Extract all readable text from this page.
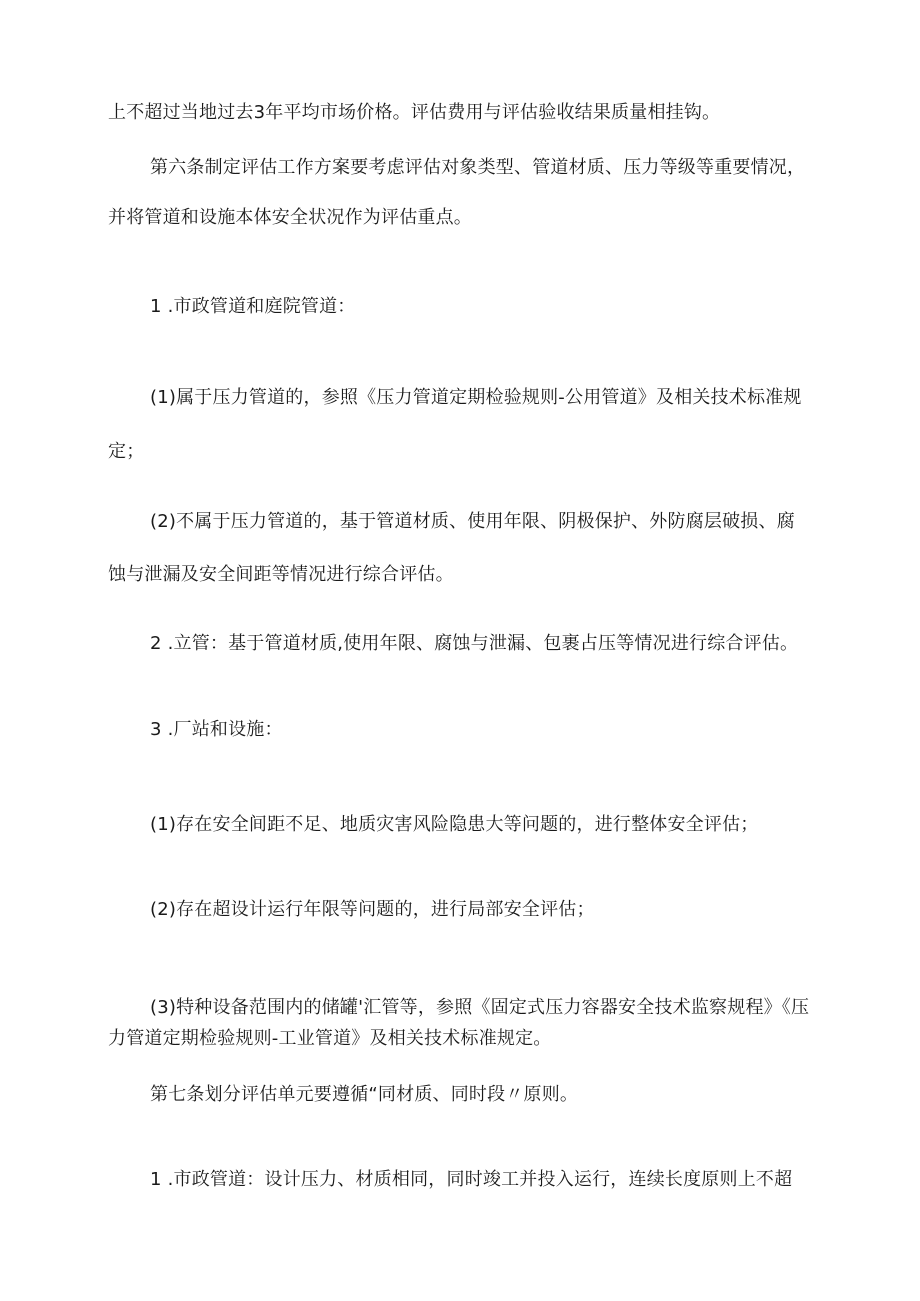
上不超过当地过去3年平均市场价格。评估费用与评估验收结果质量相挂钩。

第六条制定评估工作方案要考虑评估对象类型、管道材质、压力等级等重要情况，

并将管道和设施本体安全状况作为评估重点。

1 .市政管道和庭院管道：

(1)属于压力管道的，参照《压力管道定期检验规则-公用管道》及相关技术标准规

定；

(2)不属于压力管道的，基于管道材质、使用年限、阴极保护、外防腐层破损、腐

蚀与泄漏及安全间距等情况进行综合评估。

2 .立管：基于管道材质,使用年限、腐蚀与泄漏、包裹占压等情况进行综合评估。

3 .厂站和设施：

(1)存在安全间距不足、地质灾害风险隐患大等问题的，进行整体安全评估；

(2)存在超设计运行年限等问题的，进行局部安全评估；

(3)特种设备范围内的储罐'汇管等，参照《固定式压力容器安全技术监察规程》《压

力管道定期检验规则-工业管道》及相关技术标准规定。

第七条划分评估单元要遵循“同材质、同时段〃原则。

1 .市政管道：设计压力、材质相同，同时竣工并投入运行，连续长度原则上不超
